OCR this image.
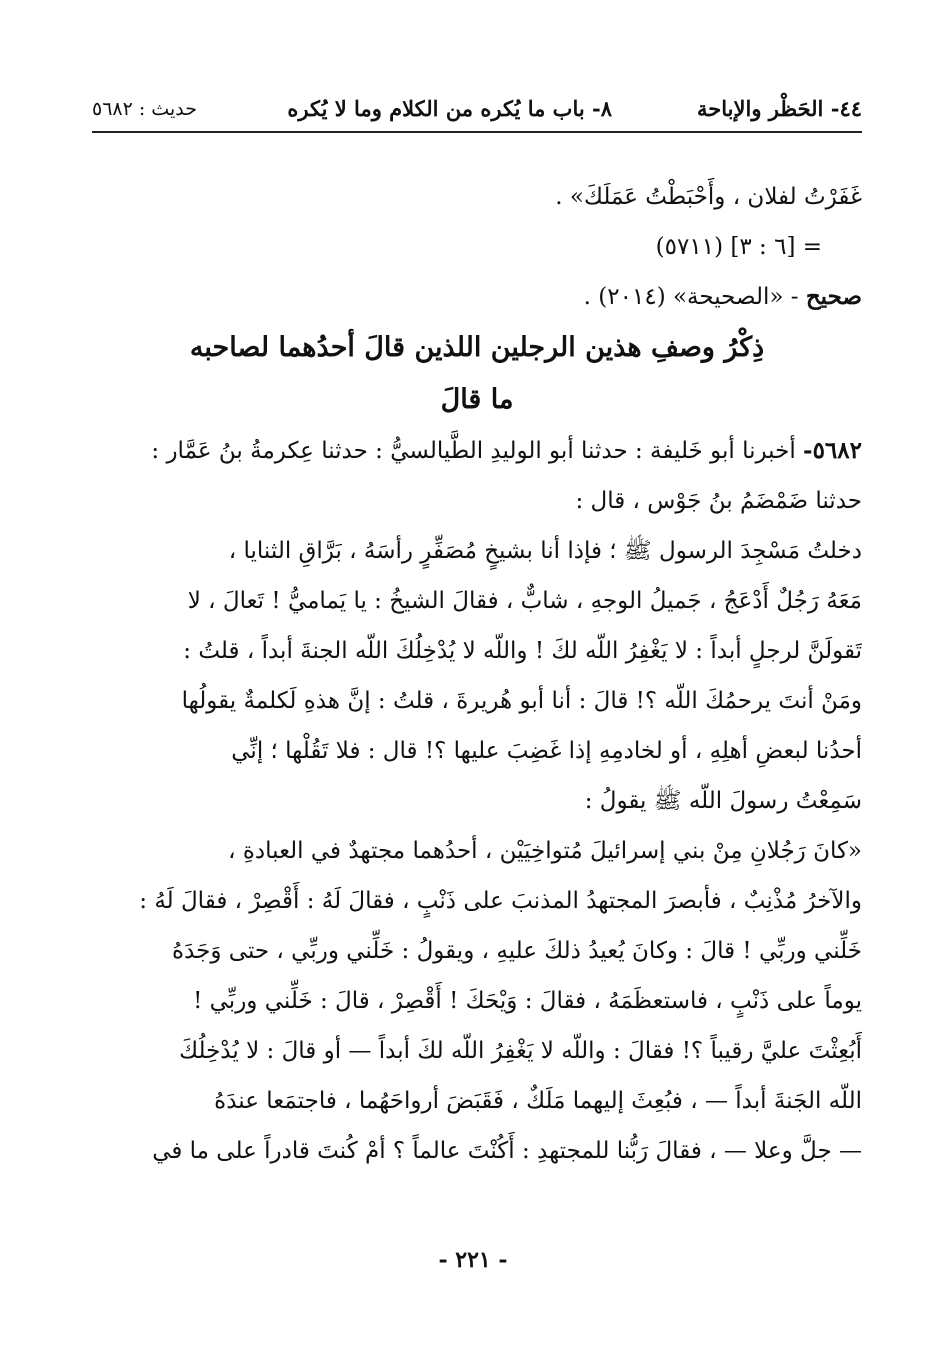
٤٤- الحَظْر والإباحة
٨- باب ما يُكره من الكلام وما لا يُكره
حديث : ٥٦٨٢

غَفَرْتُ لفلان ، وأَحْبَطْتُ عَمَلَكَ» .
= [٦ : ٣] (٥٧١١)
صحيح - «الصحيحة» (٢٠١٤) .

ذِكْرُ وصفِ هذين الرجلين اللذين قالَ أحدُهما لصاحبه
ما قالَ

٥٦٨٢- أخبرنا أبو خَليفة : حدثنا أبو الوليدِ الطَّيالسيُّ : حدثنا عِكرمةُ بنُ عَمَّار :
حدثنا ضَمْضَمُ بنُ جَوْس ، قال :

دخلتُ مَسْجِدَ الرسول ﷺ ؛ فإذا أنا بشيخٍ مُصَفِّرٍ رأسَهُ ، بَرَّاقِ الثنايا ،
مَعَهُ رَجُلٌ أَدْعَجُ ، جَميلُ الوجهِ ، شابٌّ ، فقالَ الشيخُ : يا يَماميُّ ! تَعالَ ، لا
تَقولَنَّ لرجلٍ أبداً : لا يَغْفِرُ اللّه لكَ ! واللّه لا يُدْخِلُكَ اللّه الجنةَ أبداً ، قلتُ :
ومَنْ أنتَ يرحمُكَ اللّه ؟! قالَ : أنا أبو هُريرةَ ، قلتُ : إنَّ هذهِ لَكلمةٌ يقولُها
أحدُنا لبعضِ أهلِهِ ، أو لخادمِهِ إذا غَضِبَ عليها ؟! قال : فلا تَقُلْها ؛ إنِّي
سَمِعْتُ رسولَ اللّه ﷺ يقولُ :

«كانَ رَجُلانِ مِنْ بني إسرائيلَ مُتواخِيَيْن ، أحدُهما مجتهدٌ في العبادةِ ،
والآخرُ مُذْنِبٌ ، فأبصرَ المجتهدُ المذنبَ على ذَنْبٍ ، فقالَ لَهُ : أَقْصِرْ ، فقالَ لَهُ :
خَلِّني وربِّي ! قالَ : وكانَ يُعيدُ ذلكَ عليهِ ، ويقولُ : خَلِّني وربِّي ، حتى وَجَدَهُ
يوماً على ذَنْبٍ ، فاستعظَمَهُ ، فقالَ : وَيْحَكَ ! أَقْصِرْ ، قالَ : خَلِّني وربِّي !
أَبُعِثْتَ عليَّ رقيباً ؟! فقالَ : واللّه لا يَغْفِرُ اللّه لكَ أبداً — أو قالَ : لا يُدْخِلُكَ
اللّه الجَنةَ أبداً — ، فبُعِثَ إليهما مَلَكٌ ، فَقَبَضَ أرواحَهُما ، فاجتمَعا عندَهُ
— جلَّ وعلا — ، فقالَ رَبُّنا للمجتهدِ : أَكُنْتَ عالماً ؟ أمْ كُنتَ قادراً على ما في

- ٢٢١ -
